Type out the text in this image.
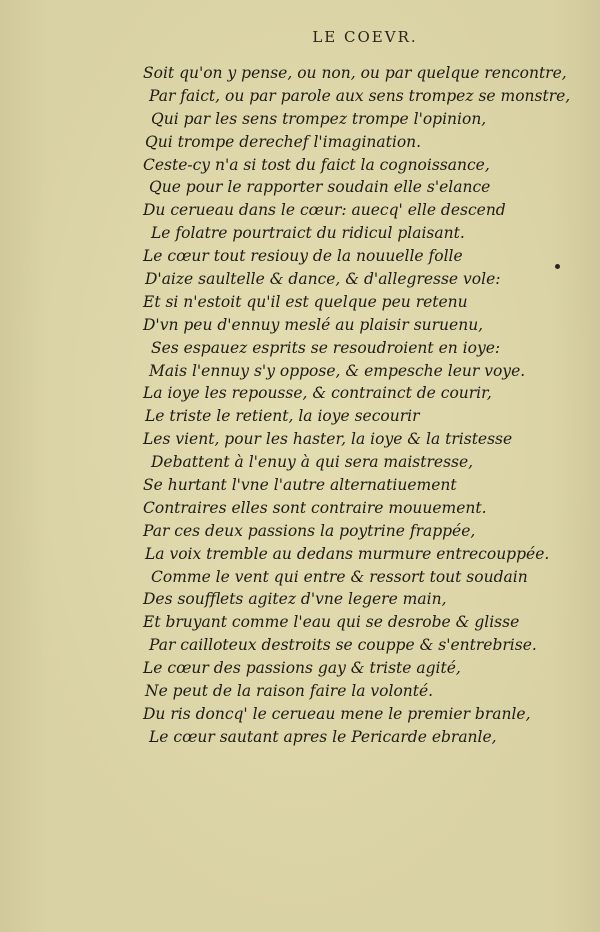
LE COEVR.
Soit qu'on y pense, ou non, ou par quelque rencontre,
Par faict, ou par parole aux sens trompez se monstre,
Qui par les sens trompez trompe l'opinion,
Qui trompe derechef l'imagination.
Ceste-cy n'a si tost du faict la cognoissance,
Que pour le rapporter soudain elle s'elance
Du cerueau dans le cœur: auecq' elle descend
Le folatre pourtraict du ridicul plaisant.
Le cœur tout resiouy de la nouuelle folle
D'aize saultelle & dance, & d'allegresse vole:
Et si n'estoit qu'il est quelque peu retenu
D'vn peu d'ennuy meslé au plaisir suruenu,
Ses espauez esprits se resoudroient en ioye:
Mais l'ennuy s'y oppose, & empesche leur voye.
La ioye les repousse, & contrainct de courir,
Le triste le retient, la ioye secourir
Les vient, pour les haster, la ioye & la tristesse
Debattent à l'enuy à qui sera maistresse,
Se hurtant l'vne l'autre alternatiuement
Contraires elles sont contraire mouuement.
Par ces deux passions la poytrine frappée,
La voix tremble au dedans murmure entrecouppée.
Comme le vent qui entre & ressort tout soudain
Des soufflets agitez d'vne legere main,
Et bruyant comme l'eau qui se desrobe & glisse
Par cailloteux destroits se couppe & s'entrebrise.
Le cœur des passions gay & triste agité,
Ne peut de la raison faire la volonté.
Du ris doncq' le cerueau mene le premier branle,
Le cœur sautant apres le Pericarde ebranle,
